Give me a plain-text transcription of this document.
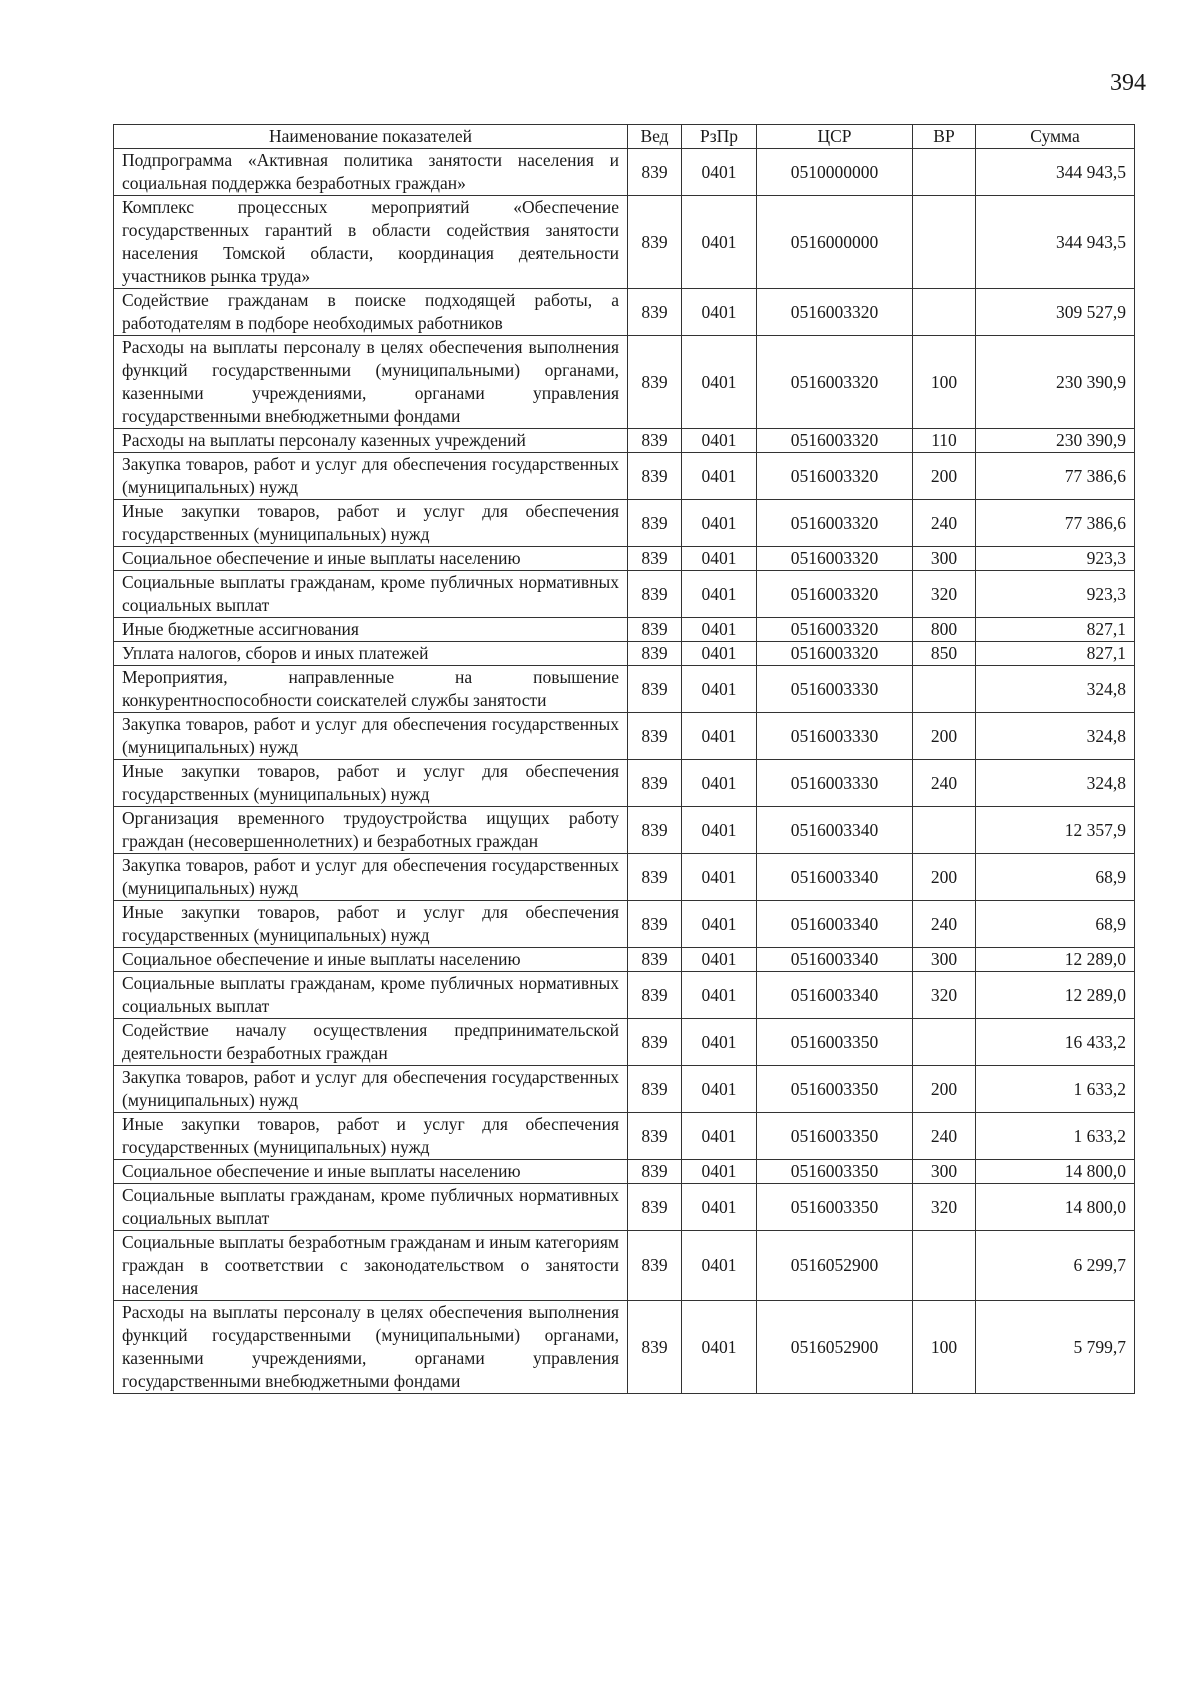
394
Наименование показателей	Вед	РзПр	ЦСР	ВР	Сумма
Подпрограмма «Активная политика занятости населения и социальная поддержка безработных граждан»	839	0401	0510000000		344 943,5
Комплекс процессных мероприятий «Обеспечение государственных гарантий в области содействия занятости населения Томской области, координация деятельности участников рынка труда»	839	0401	0516000000		344 943,5
Содействие гражданам в поиске подходящей работы, а работодателям в подборе необходимых работников	839	0401	0516003320		309 527,9
Расходы на выплаты персоналу в целях обеспечения выполнения функций государственными (муниципальными) органами, казенными учреждениями, органами управления государственными внебюджетными фондами	839	0401	0516003320	100	230 390,9
Расходы на выплаты персоналу казенных учреждений	839	0401	0516003320	110	230 390,9
Закупка товаров, работ и услуг для обеспечения государственных (муниципальных) нужд	839	0401	0516003320	200	77 386,6
Иные закупки товаров, работ и услуг для обеспечения государственных (муниципальных) нужд	839	0401	0516003320	240	77 386,6
Социальное обеспечение и иные выплаты населению	839	0401	0516003320	300	923,3
Социальные выплаты гражданам, кроме публичных нормативных социальных выплат	839	0401	0516003320	320	923,3
Иные бюджетные ассигнования	839	0401	0516003320	800	827,1
Уплата налогов, сборов и иных платежей	839	0401	0516003320	850	827,1
Мероприятия, направленные на повышение конкурентноспособности соискателей службы занятости	839	0401	0516003330		324,8
Закупка товаров, работ и услуг для обеспечения государственных (муниципальных) нужд	839	0401	0516003330	200	324,8
Иные закупки товаров, работ и услуг для обеспечения государственных (муниципальных) нужд	839	0401	0516003330	240	324,8
Организация временного трудоустройства ищущих работу граждан (несовершеннолетних) и безработных граждан	839	0401	0516003340		12 357,9
Закупка товаров, работ и услуг для обеспечения государственных (муниципальных) нужд	839	0401	0516003340	200	68,9
Иные закупки товаров, работ и услуг для обеспечения государственных (муниципальных) нужд	839	0401	0516003340	240	68,9
Социальное обеспечение и иные выплаты населению	839	0401	0516003340	300	12 289,0
Социальные выплаты гражданам, кроме публичных нормативных социальных выплат	839	0401	0516003340	320	12 289,0
Содействие началу осуществления предпринимательской деятельности безработных граждан	839	0401	0516003350		16 433,2
Закупка товаров, работ и услуг для обеспечения государственных (муниципальных) нужд	839	0401	0516003350	200	1 633,2
Иные закупки товаров, работ и услуг для обеспечения государственных (муниципальных) нужд	839	0401	0516003350	240	1 633,2
Социальное обеспечение и иные выплаты населению	839	0401	0516003350	300	14 800,0
Социальные выплаты гражданам, кроме публичных нормативных социальных выплат	839	0401	0516003350	320	14 800,0
Социальные выплаты безработным гражданам и иным категориям граждан в соответствии с законодательством о занятости населения	839	0401	0516052900		6 299,7
Расходы на выплаты персоналу в целях обеспечения выполнения функций государственными (муниципальными) органами, казенными учреждениями, органами управления государственными внебюджетными фондами	839	0401	0516052900	100	5 799,7
